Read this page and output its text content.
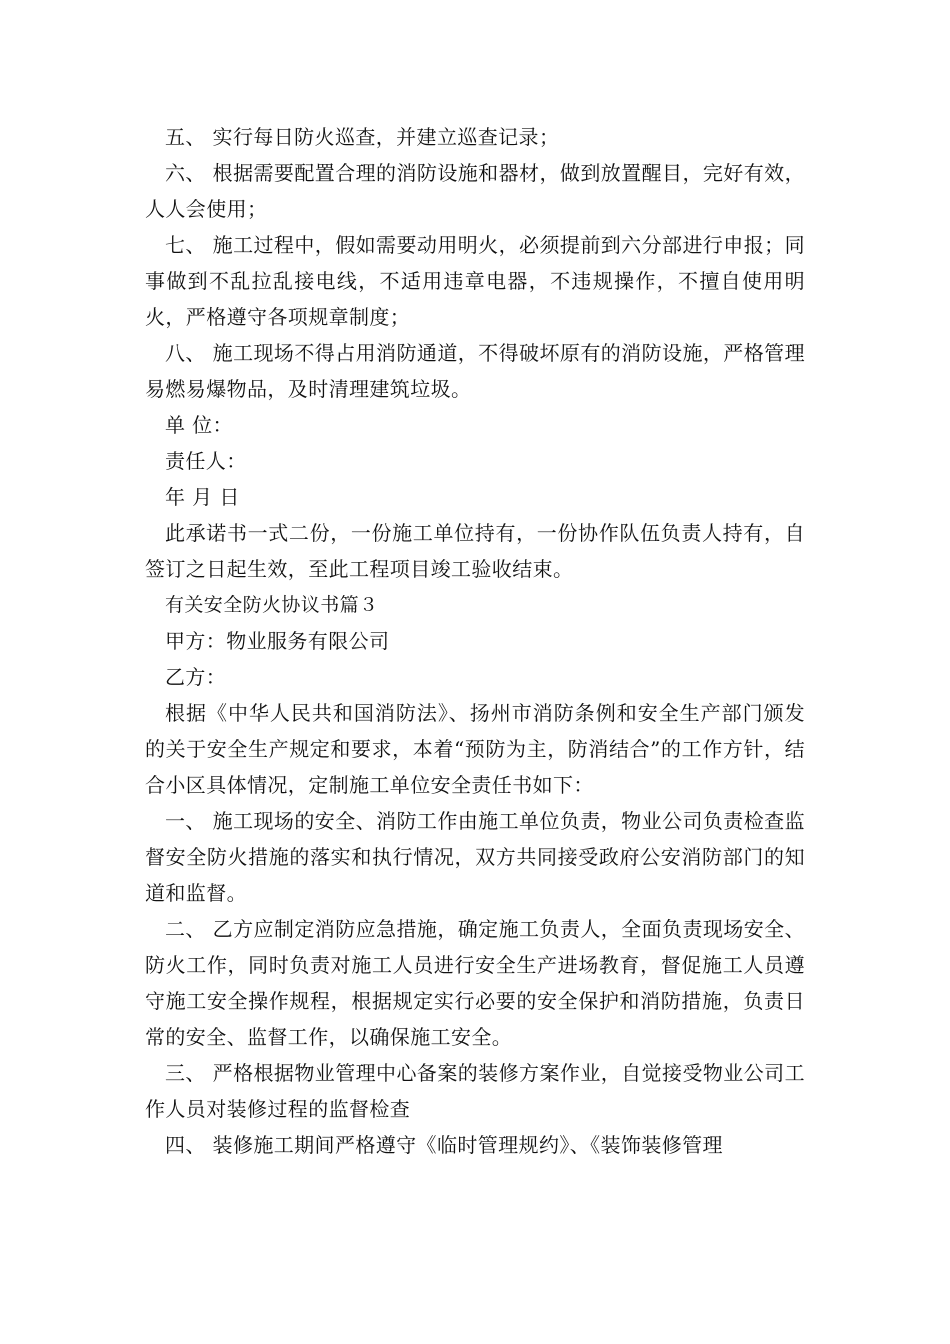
五、 实行每日防火巡查，并建立巡查记录；

六、 根据需要配置合理的消防设施和器材，做到放置醒目，完好有效，人人会使用；

七、 施工过程中，假如需要动用明火，必须提前到六分部进行申报；同事做到不乱拉乱接电线，不适用违章电器，不违规操作，不擅自使用明火，严格遵守各项规章制度；

八、 施工现场不得占用消防通道，不得破坏原有的消防设施，严格管理易燃易爆物品，及时清理建筑垃圾。

单 位：

责任人：

年 月 日

此承诺书一式二份，一份施工单位持有，一份协作队伍负责人持有，自签订之日起生效，至此工程项目竣工验收结束。

有关安全防火协议书篇３

甲方：物业服务有限公司

乙方：

根据《中华人民共和国消防法》、扬州市消防条例和安全生产部门颁发的关于安全生产规定和要求，本着“预防为主，防消结合”的工作方针，结合小区具体情况，定制施工单位安全责任书如下：

一、 施工现场的安全、消防工作由施工单位负责，物业公司负责检查监督安全防火措施的落实和执行情况，双方共同接受政府公安消防部门的知道和监督。

二、 乙方应制定消防应急措施，确定施工负责人，全面负责现场安全、防火工作，同时负责对施工人员进行安全生产进场教育，督促施工人员遵守施工安全操作规程，根据规定实行必要的安全保护和消防措施，负责日常的安全、监督工作，以确保施工安全。

三、 严格根据物业管理中心备案的装修方案作业，自觉接受物业公司工作人员对装修过程的监督检查

四、 装修施工期间严格遵守《临时管理规约》、《装饰装修管理
